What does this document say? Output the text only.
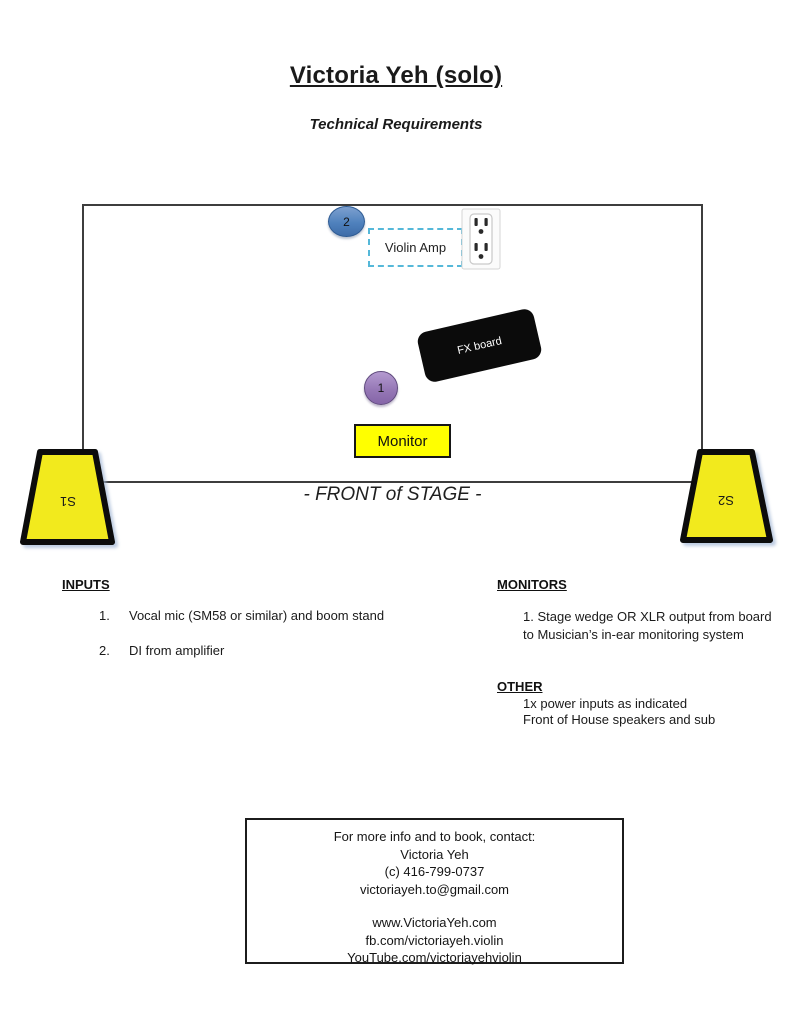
Victoria Yeh (solo)
Technical Requirements
2
Violin Amp
FX board
1
Monitor
- FRONT of STAGE -
S1	S2
INPUTS
1.	Vocal mic (SM58 or similar) and boom stand
2.	DI from amplifier
MONITORS
1. Stage wedge OR XLR output from board
to Musician’s in-ear monitoring system
OTHER
1x power inputs as indicated
Front of House speakers and sub
For more info and to book, contact:
Victoria Yeh
(c) 416-799-0737
victoriayeh.to@gmail.com
www.VictoriaYeh.com
fb.com/victoriayeh.violin
YouTube.com/victoriayehviolin
